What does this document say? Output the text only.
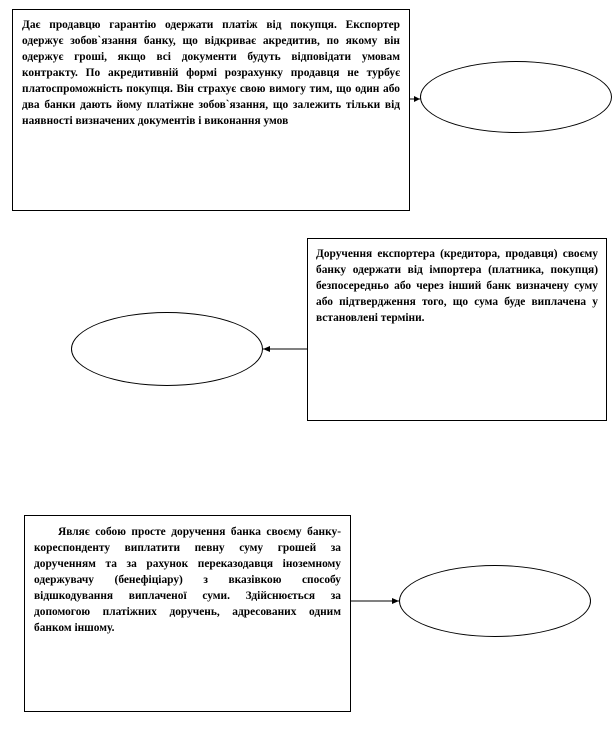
Дає продавцю гарантію одержати платіж від покупця. Експортер одержує зобов`язання банку, що відкриває акредитив, по якому він одержує гроші, якщо всі документи будуть відповідати умовам контракту. По акредитивній формі розрахунку продавця не турбує платоспроможність покупця. Він страхує свою вимогу тим, що один або два банки дають йому платіжне зобов`язання, що залежить тільки від наявності визначених документів і виконання умов

Доручення експортера (кредитора, продавця) своєму банку одержати від імпортера (платника, покупця) безпосередньо або через інший банк визначену суму або підтвердження того, що сума буде виплачена у встановлені терміни.

Являє собою просте доручення банка своєму банку-кореспонденту виплатити певну суму грошей за дорученням та за рахунок переказодавця іноземному одержувачу (бенефіціару) з вказівкою способу відшкодування виплаченої суми. Здійснюється за допомогою платіжних доручень, адресованих одним банком іншому.
